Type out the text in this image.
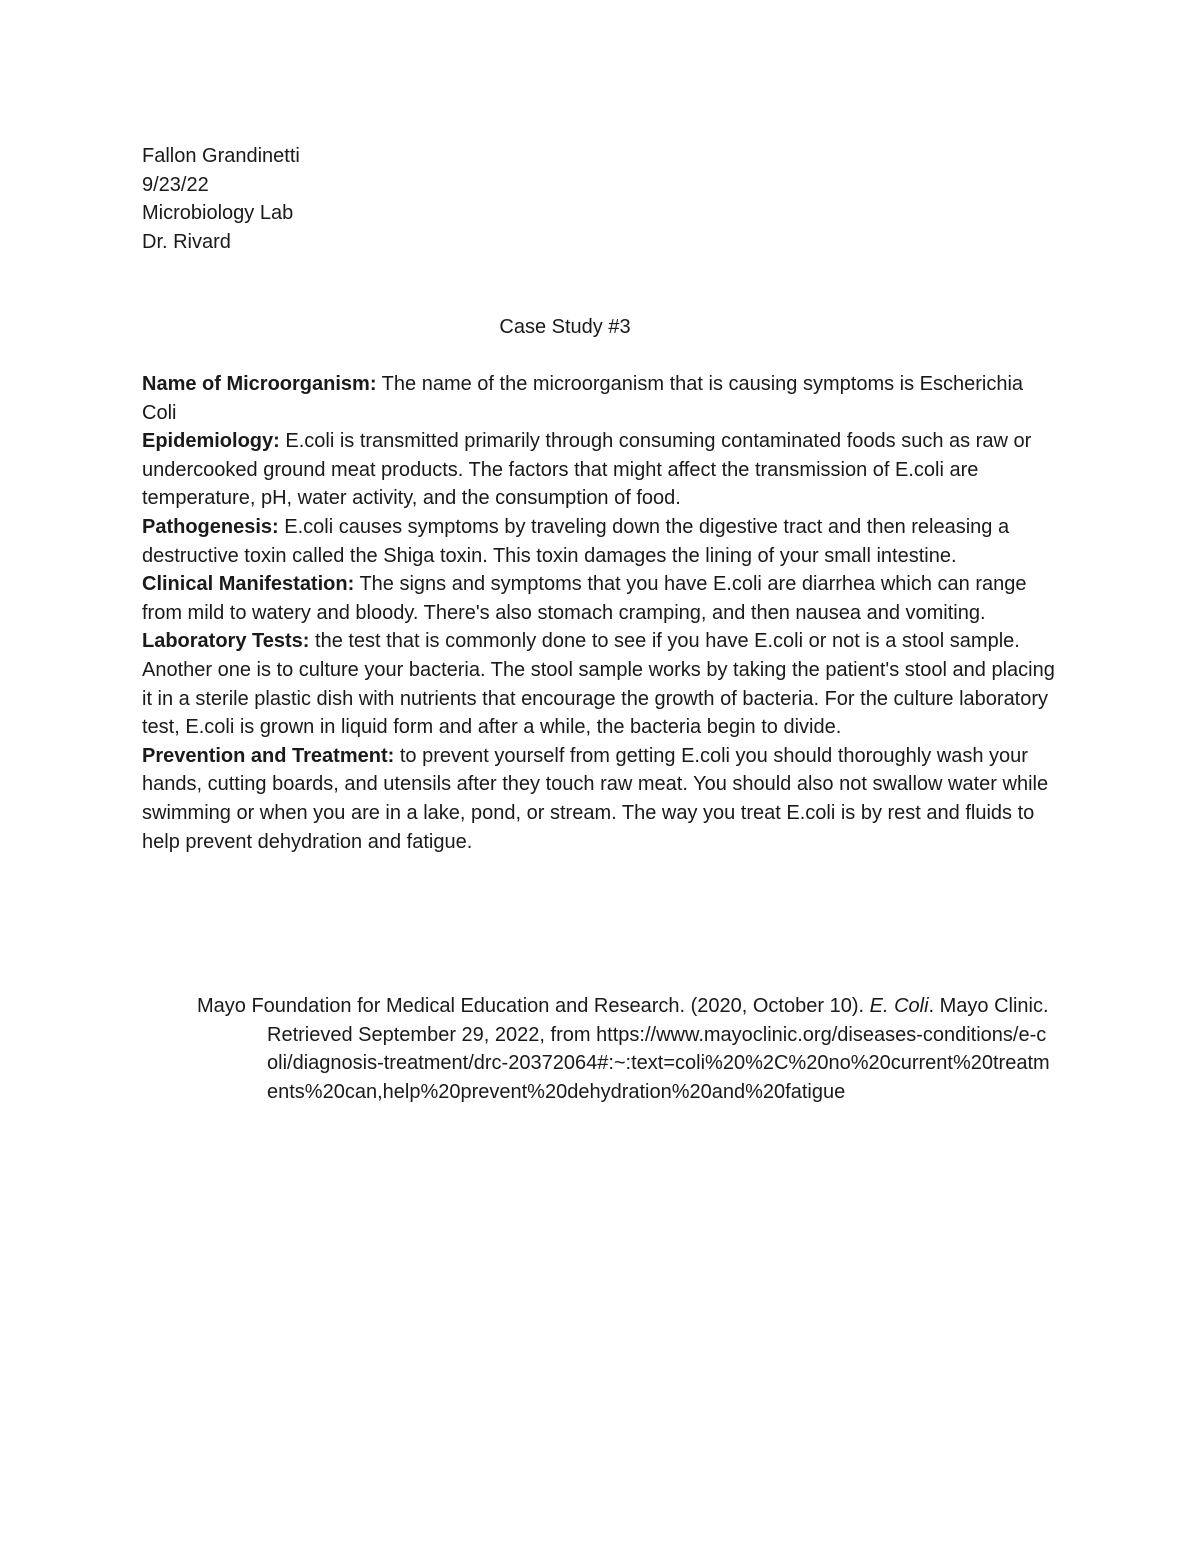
Fallon Grandinetti
9/23/22
Microbiology Lab
Dr. Rivard
Case Study #3

Name of Microorganism: The name of the microorganism that is causing symptoms is Escherichia Coli

Epidemiology: E.coli is transmitted primarily through consuming contaminated foods such as raw or undercooked ground meat products. The factors that might affect the transmission of E.coli are temperature, pH, water activity, and the consumption of food.

Pathogenesis: E.coli causes symptoms by traveling down the digestive tract and then releasing a destructive toxin called the Shiga toxin. This toxin damages the lining of your small intestine.

Clinical Manifestation: The signs and symptoms that you have E.coli are diarrhea which can range from mild to watery and bloody. There's also stomach cramping, and then nausea and vomiting.

Laboratory Tests: the test that is commonly done to see if you have E.coli or not is a stool sample. Another one is to culture your bacteria. The stool sample works by taking the patient's stool and placing it in a sterile plastic dish with nutrients that encourage the growth of bacteria. For the culture laboratory test, E.coli is grown in liquid form and after a while, the bacteria begin to divide.

Prevention and Treatment: to prevent yourself from getting E.coli you should thoroughly wash your hands, cutting boards, and utensils after they touch raw meat. You should also not swallow water while swimming or when you are in a lake, pond, or stream. The way you treat E.coli is by rest and fluids to help prevent dehydration and fatigue.

Mayo Foundation for Medical Education and Research. (2020, October 10). E. Coli. Mayo Clinic. Retrieved September 29, 2022, from https://www.mayoclinic.org/diseases-conditions/e-coli/diagnosis-treatment/drc-20372064#:~:text=coli%20%2C%20no%20current%20treatments%20can,help%20prevent%20dehydration%20and%20fatigue
